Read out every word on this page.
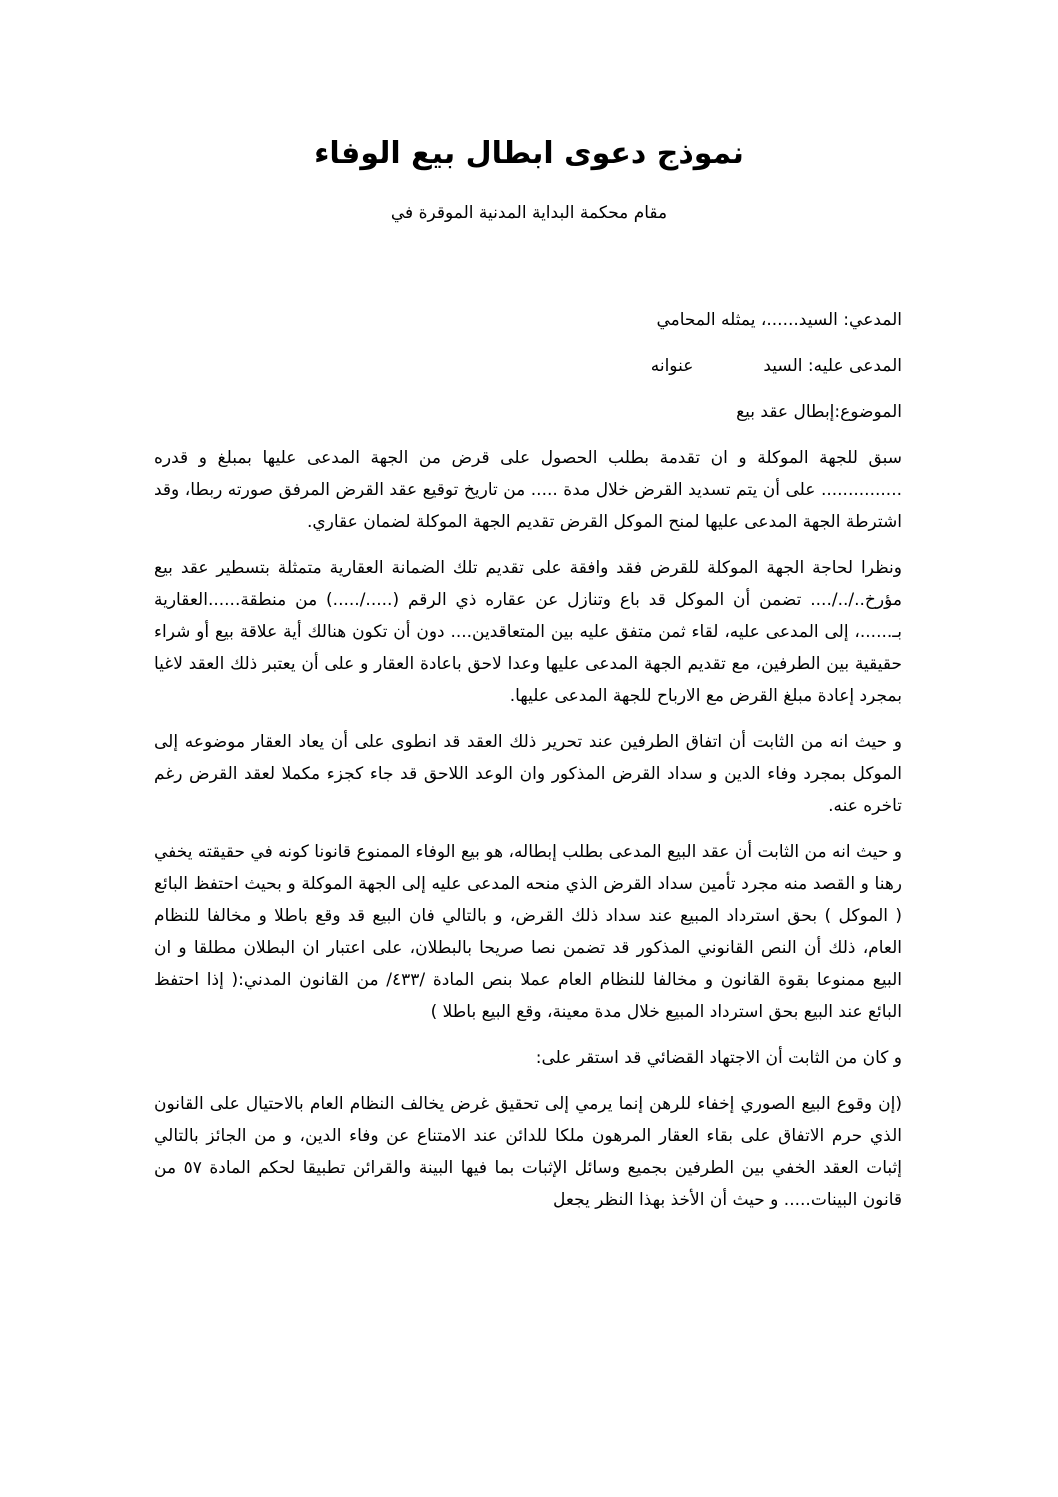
نموذج دعوى ابطال بيع الوفاء

مقام محكمة البداية المدنية الموقرة في

المدعي: السيد......، يمثله المحامي

المدعى عليه: السيد
عنوانه

الموضوع:إبطال عقد بيع

سبق للجهة الموكلة و ان تقدمة بطلب الحصول على قرض من الجهة المدعى عليها بمبلغ و قدره ............... على أن يتم تسديد القرض خلال مدة ..... من تاريخ توقيع عقد القرض المرفق صورته ربطا، وقد اشترطة الجهة المدعى عليها لمنح الموكل القرض تقديم الجهة الموكلة لضمان عقاري.

ونظرا لحاجة الجهة الموكلة للقرض فقد وافقة على تقديم تلك الضمانة العقارية متمثلة بتسطير عقد بيع مؤرخ../../.... تضمن أن الموكل قد باع وتنازل عن عقاره ذي الرقم (...../.....) من منطقة......العقارية بـ......، إلى المدعى عليه، لقاء ثمن متفق عليه بين المتعاقدين.... دون أن تكون هنالك أية علاقة بيع أو شراء حقيقية بين الطرفين، مع تقديم الجهة المدعى عليها وعدا لاحق باعادة العقار و على أن يعتبر ذلك العقد لاغيا بمجرد إعادة مبلغ القرض مع الارباح للجهة المدعى عليها.

و حيث انه من الثابت أن اتفاق الطرفين عند تحرير ذلك العقد قد انطوى على أن يعاد العقار موضوعه إلى الموكل بمجرد وفاء الدين و سداد القرض المذكور وان الوعد اللاحق قد جاء كجزء مكملا لعقد القرض رغم تاخره عنه.

و حيث انه من الثابت أن عقد البيع المدعى بطلب إبطاله، هو بيع الوفاء الممنوع قانونا كونه في حقيقته يخفي رهنا و القصد منه مجرد تأمين سداد القرض الذي منحه المدعى عليه إلى الجهة الموكلة و بحيث احتفظ البائع ( الموكل ) بحق استرداد المبيع عند سداد ذلك القرض، و بالتالي فان البيع قد وقع باطلا و مخالفا للنظام العام، ذلك أن النص القانوني المذكور قد تضمن نصا صريحا بالبطلان، على اعتبار ان البطلان مطلقا و ان البيع ممنوعا بقوة القانون و مخالفا للنظام العام عملا بنص المادة /٤٣٣/ من القانون المدني:( إذا احتفظ البائع عند البيع بحق استرداد المبيع خلال مدة معينة، وقع البيع باطلا )

و كان من الثابت أن الاجتهاد القضائي قد استقر على:

(إن وقوع البيع الصوري إخفاء للرهن إنما يرمي إلى تحقيق غرض يخالف النظام العام بالاحتيال على القانون الذي حرم الاتفاق على بقاء العقار المرهون ملكا للدائن عند الامتناع عن وفاء الدين، و من الجائز بالتالي إثبات العقد الخفي بين الطرفين بجميع وسائل الإثبات بما فيها البينة والقرائن تطبيقا لحكم المادة ٥٧ من قانون البينات..... و حيث أن الأخذ بهذا النظر يجعل
